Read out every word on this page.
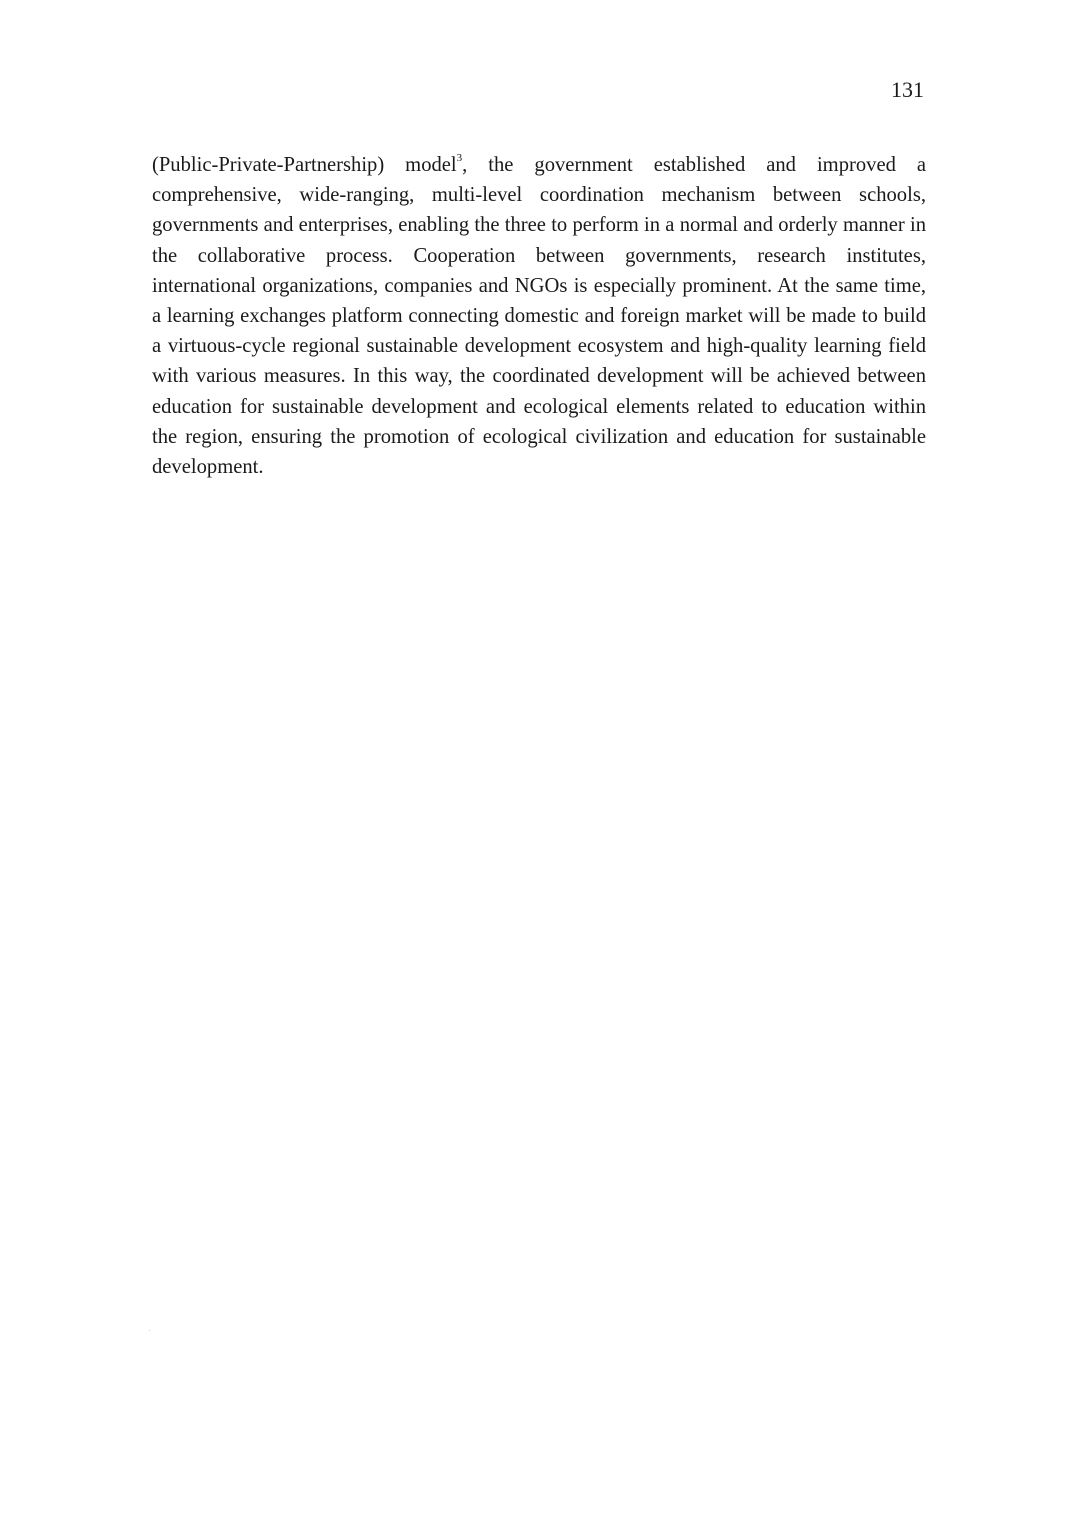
131

(Public-Private-Partnership) model$^3$, the government established and improved a comprehensive, wide-ranging, multi-level coordination mechanism between schools, governments and enterprises, enabling the three to perform in a normal and orderly manner in the collaborative process. Cooperation between governments, research institutes, international organizations, companies and NGOs is especially prominent. At the same time, a learning exchanges platform connecting domestic and foreign market will be made to build a virtuous-cycle regional sustainable development ecosystem and high-quality learning field with various measures. In this way, the coordinated development will be achieved between education for sustainable development and ecological elements related to education within the region, ensuring the promotion of ecological civilization and education for sustainable development.
